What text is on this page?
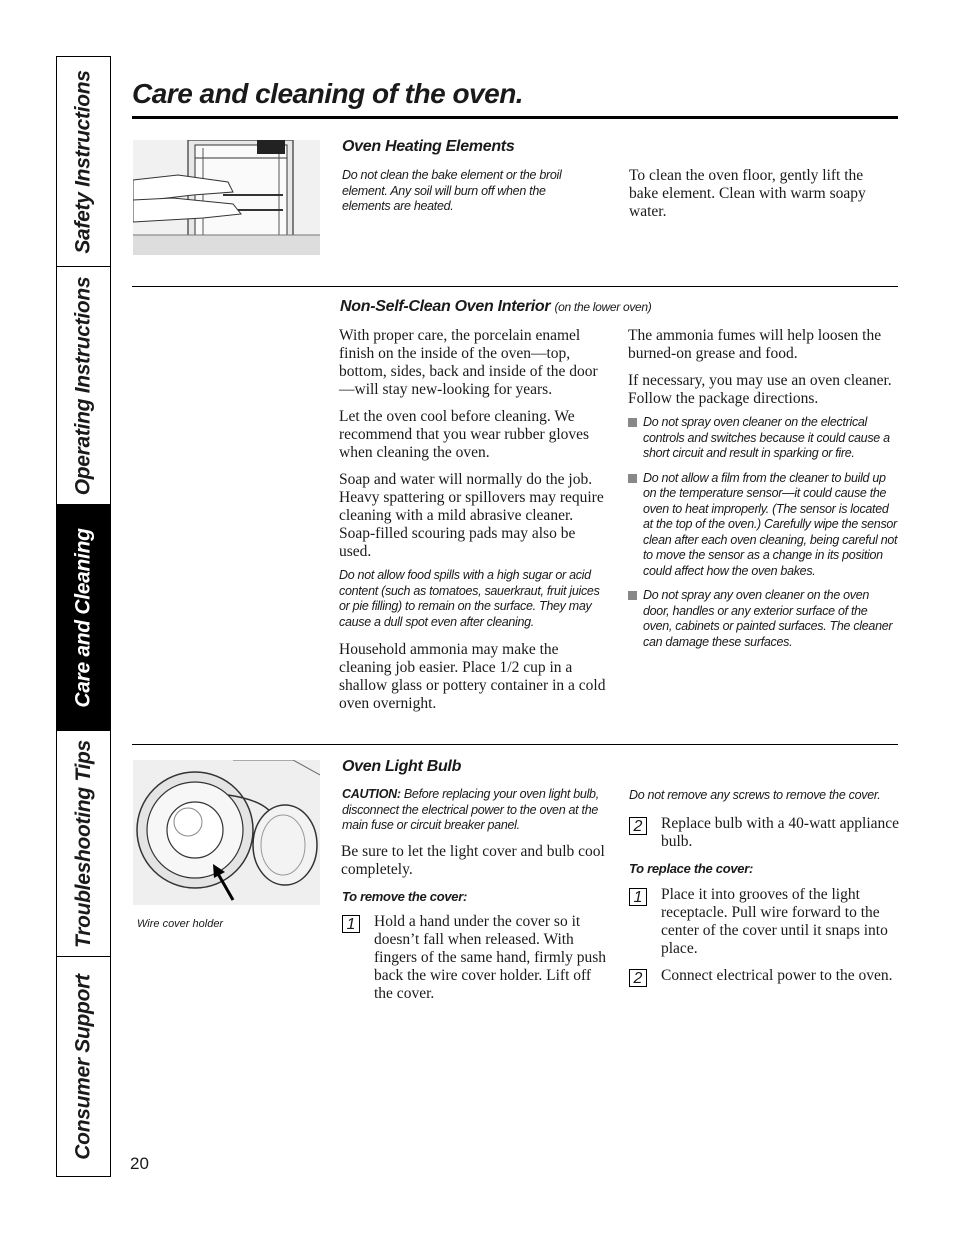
Safety Instructions
Operating Instructions
Care and Cleaning
Troubleshooting Tips
Consumer Support
Care and cleaning of the oven.
Oven Heating Elements
Do not clean the bake element or the broil element. Any soil will burn off when the elements are heated.
To clean the oven floor, gently lift the bake element. Clean with warm soapy water.
Non-Self-Clean Oven Interior (on the lower oven)

With proper care, the porcelain enamel finish on the inside of the oven—top, bottom, sides, back and inside of the door—will stay new-looking for years.

Let the oven cool before cleaning. We recommend that you wear rubber gloves when cleaning the oven.

Soap and water will normally do the job. Heavy spattering or spillovers may require cleaning with a mild abrasive cleaner. Soap-filled scouring pads may also be used.

Do not allow food spills with a high sugar or acid content (such as tomatoes, sauerkraut, fruit juices or pie filling) to remain on the surface. They may cause a dull spot even after cleaning.

Household ammonia may make the cleaning job easier. Place 1/2 cup in a shallow glass or pottery container in a cold oven overnight.

The ammonia fumes will help loosen the burned-on grease and food.

If necessary, you may use an oven cleaner. Follow the package directions.

Do not spray oven cleaner on the electrical controls and switches because it could cause a short circuit and result in sparking or fire.
Do not allow a film from the cleaner to build up on the temperature sensor—it could cause the oven to heat improperly. (The sensor is located at the top of the oven.) Carefully wipe the sensor clean after each oven cleaning, being careful not to move the sensor as a change in its position could affect how the oven bakes.
Do not spray any oven cleaner on the oven door, handles or any exterior surface of the oven, cabinets or painted surfaces. The cleaner can damage these surfaces.
Wire cover holder
Oven Light Bulb

CAUTION: Before replacing your oven light bulb, disconnect the electrical power to the oven at the main fuse or circuit breaker panel.

Be sure to let the light cover and bulb cool completely.

To remove the cover:

1 Hold a hand under the cover so it doesn’t fall when released. With fingers of the same hand, firmly push back the wire cover holder. Lift off the cover.

Do not remove any screws to remove the cover.

2 Replace bulb with a 40-watt appliance bulb.

To replace the cover:

1 Place it into grooves of the light receptacle. Pull wire forward to the center of the cover until it snaps into place.
2 Connect electrical power to the oven.
20
